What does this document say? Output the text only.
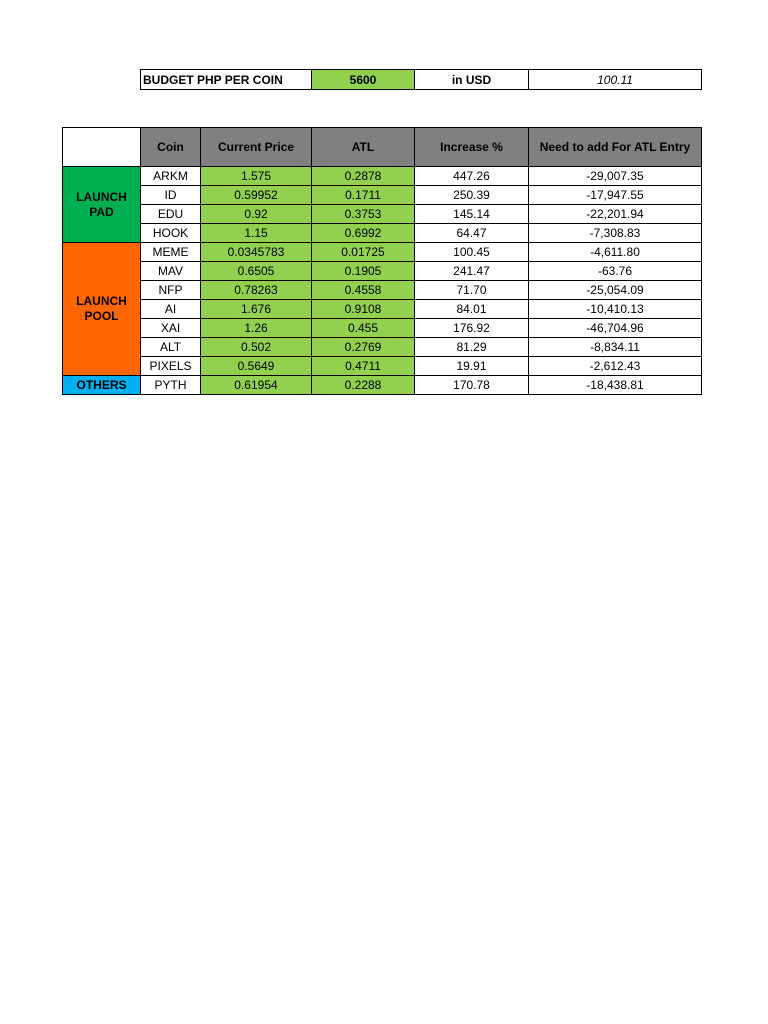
BUDGET PHP PER COIN	5600	in USD	100.11
	Coin	Current Price	ATL	Increase %	Need to add For ATL Entry
LAUNCH PAD	ARKM	1.575	0.2878	447.26	-29,007.35
	ID	0.59952	0.1711	250.39	-17,947.55
	EDU	0.92	0.3753	145.14	-22,201.94
	HOOK	1.15	0.6992	64.47	-7,308.83
LAUNCH POOL	MEME	0.0345783	0.01725	100.45	-4,611.80
	MAV	0.6505	0.1905	241.47	-63.76
	NFP	0.78263	0.4558	71.70	-25,054.09
	AI	1.676	0.9108	84.01	-10,410.13
	XAI	1.26	0.455	176.92	-46,704.96
	ALT	0.502	0.2769	81.29	-8,834.11
	PIXELS	0.5649	0.4711	19.91	-2,612.43
OTHERS	PYTH	0.61954	0.2288	170.78	-18,438.81
